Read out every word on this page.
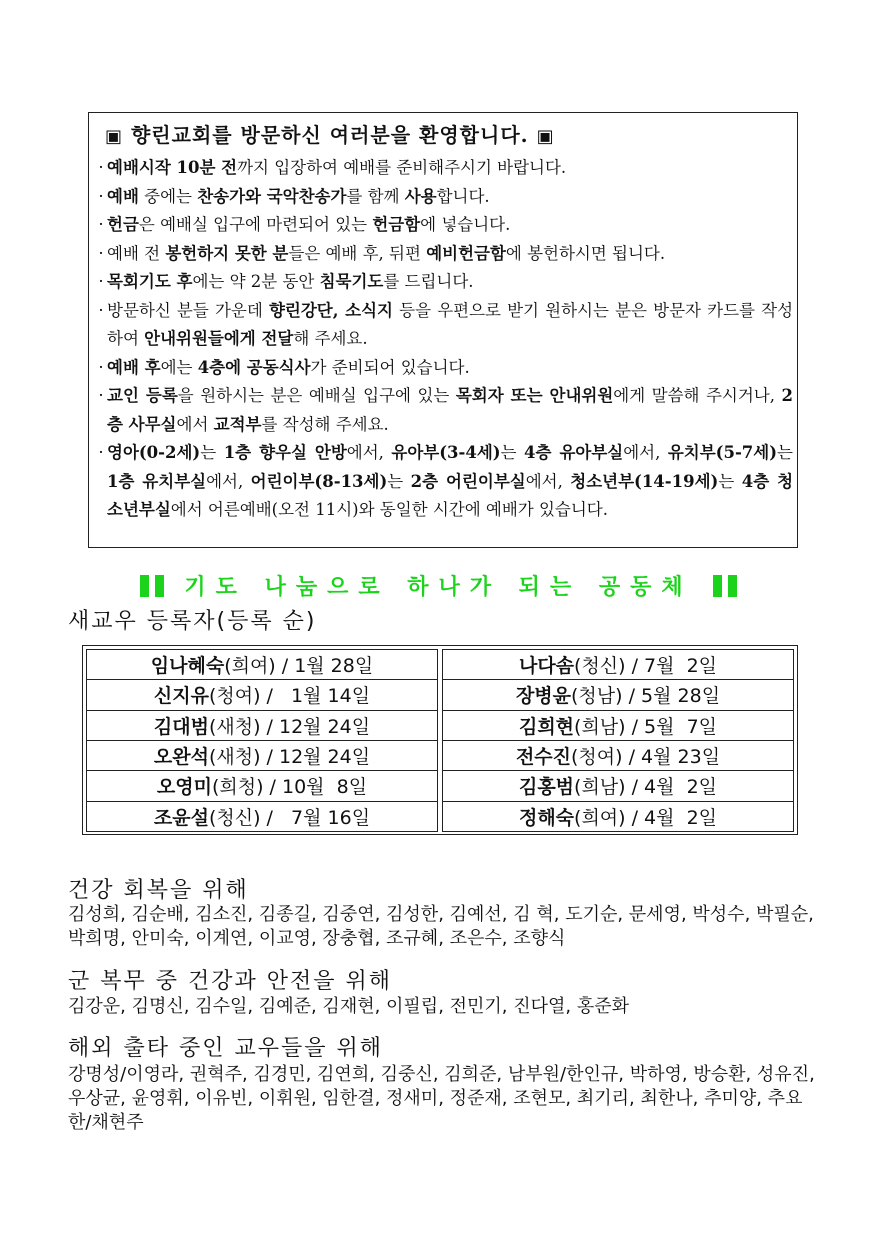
▣ 향린교회를 방문하신 여러분을 환영합니다. ▣
· 예배시작 10분 전까지 입장하여 예배를 준비해주시기 바랍니다.
· 예배 중에는 찬송가와 국악찬송가를 함께 사용합니다.
· 헌금은 예배실 입구에 마련되어 있는 헌금함에 넣습니다.
· 예배 전 봉헌하지 못한 분들은 예배 후, 뒤편 예비헌금함에 봉헌하시면 됩니다.
· 목회기도 후에는 약 2분 동안 침묵기도를 드립니다.
· 방문하신 분들 가운데 향린강단, 소식지 등을 우편으로 받기 원하시는 분은 방문자 카드를 작성하여 안내위원들에게 전달해 주세요.
· 예배 후에는 4층에 공동식사가 준비되어 있습니다.
· 교인 등록을 원하시는 분은 예배실 입구에 있는 목회자 또는 안내위원에게 말씀해 주시거나, 2층 사무실에서 교적부를 작성해 주세요.
· 영아(0-2세)는 1층 향우실 안방에서, 유아부(3-4세)는 4층 유아부실에서, 유치부(5-7세)는 1층 유치부실에서, 어린이부(8-13세)는 2층 어린이부실에서, 청소년부(14-19세)는 4층 청소년부실에서 어른예배(오전 11시)와 동일한 시간에 예배가 있습니다.
기도 나눔으로 하나가 되는 공동체
새교우 등록자(등록 순)
임나혜숙 (희여) / 1월 28일
신지유 (청여) /   1월 14일
김대범 (새청) / 12월 24일
오완석 (새청) / 12월 24일
오영미 (희청) / 10월  8일
조윤설 (청신) /   7월 16일
나다솜 (청신) / 7월  2일
장병윤 (청남) / 5월 28일
김희현 (희남) / 5월  7일
전수진 (청여) / 4월 23일
김홍범 (희남) / 4월  2일
정해숙 (희여) / 4월  2일
건강 회복을 위해
김성희, 김순배, 김소진, 김종길, 김중연, 김성한, 김예선, 김 혁, 도기순, 문세영, 박성수, 박필순, 박희명, 안미숙, 이계연, 이교영, 장충협, 조규혜, 조은수, 조향식
군 복무 중 건강과 안전을 위해
김강운, 김명신, 김수일, 김예준, 김재현, 이필립, 전민기, 진다열, 홍준화
해외 출타 중인 교우들을 위해
강명성/이영라, 권혁주, 김경민, 김연희, 김중신, 김희준, 남부원/한인규, 박하영, 방승환, 성유진, 우상균, 윤영휘, 이유빈, 이휘원, 임한결, 정새미, 정준재, 조현모, 최기리, 최한나, 추미양, 추요한/채현주
